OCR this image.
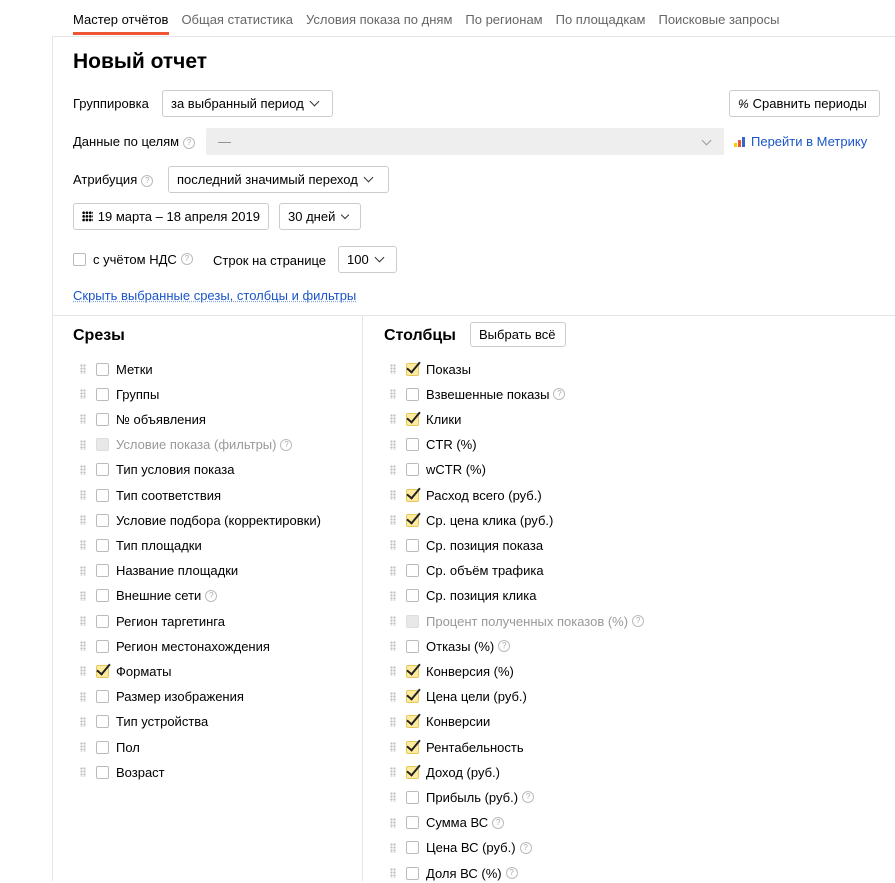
Мастер отчётов Общая статистика Условия показа по дням По регионам По площадкам Поисковые запросы
Новый отчет
Группировка за выбранный период	% Сравнить периоды
Данные по целям ?	—	Перейти в Метрику
Атрибуция ? последний значимый переход
19 марта – 18 апреля 2019 30 дней
с учётом НДС ? Строк на странице 100
Скрыть выбранные срезы, столбцы и фильтры
Срезы	Столбцы	Выбрать всё
Метки
Группы
№ объявления
Условие показа (фильтры) ?
Тип условия показа
Тип соответствия
Условие подбора (корректировки)
Тип площадки
Название площадки
Внешние сети ?
Регион таргетинга
Регион местонахождения
Форматы
Размер изображения
Тип устройства
Пол
Возраст
Показы
Взвешенные показы ?
Клики
CTR (%)
wCTR (%)
Расход всего (руб.)
Ср. цена клика (руб.)
Ср. позиция показа
Ср. объём трафика
Ср. позиция клика
Процент полученных показов (%) ?
Отказы (%) ?
Конверсия (%)
Цена цели (руб.)
Конверсии
Рентабельность
Доход (руб.)
Прибыль (руб.) ?
Сумма ВС ?
Цена ВС (руб.) ?
Доля ВС (%) ?
